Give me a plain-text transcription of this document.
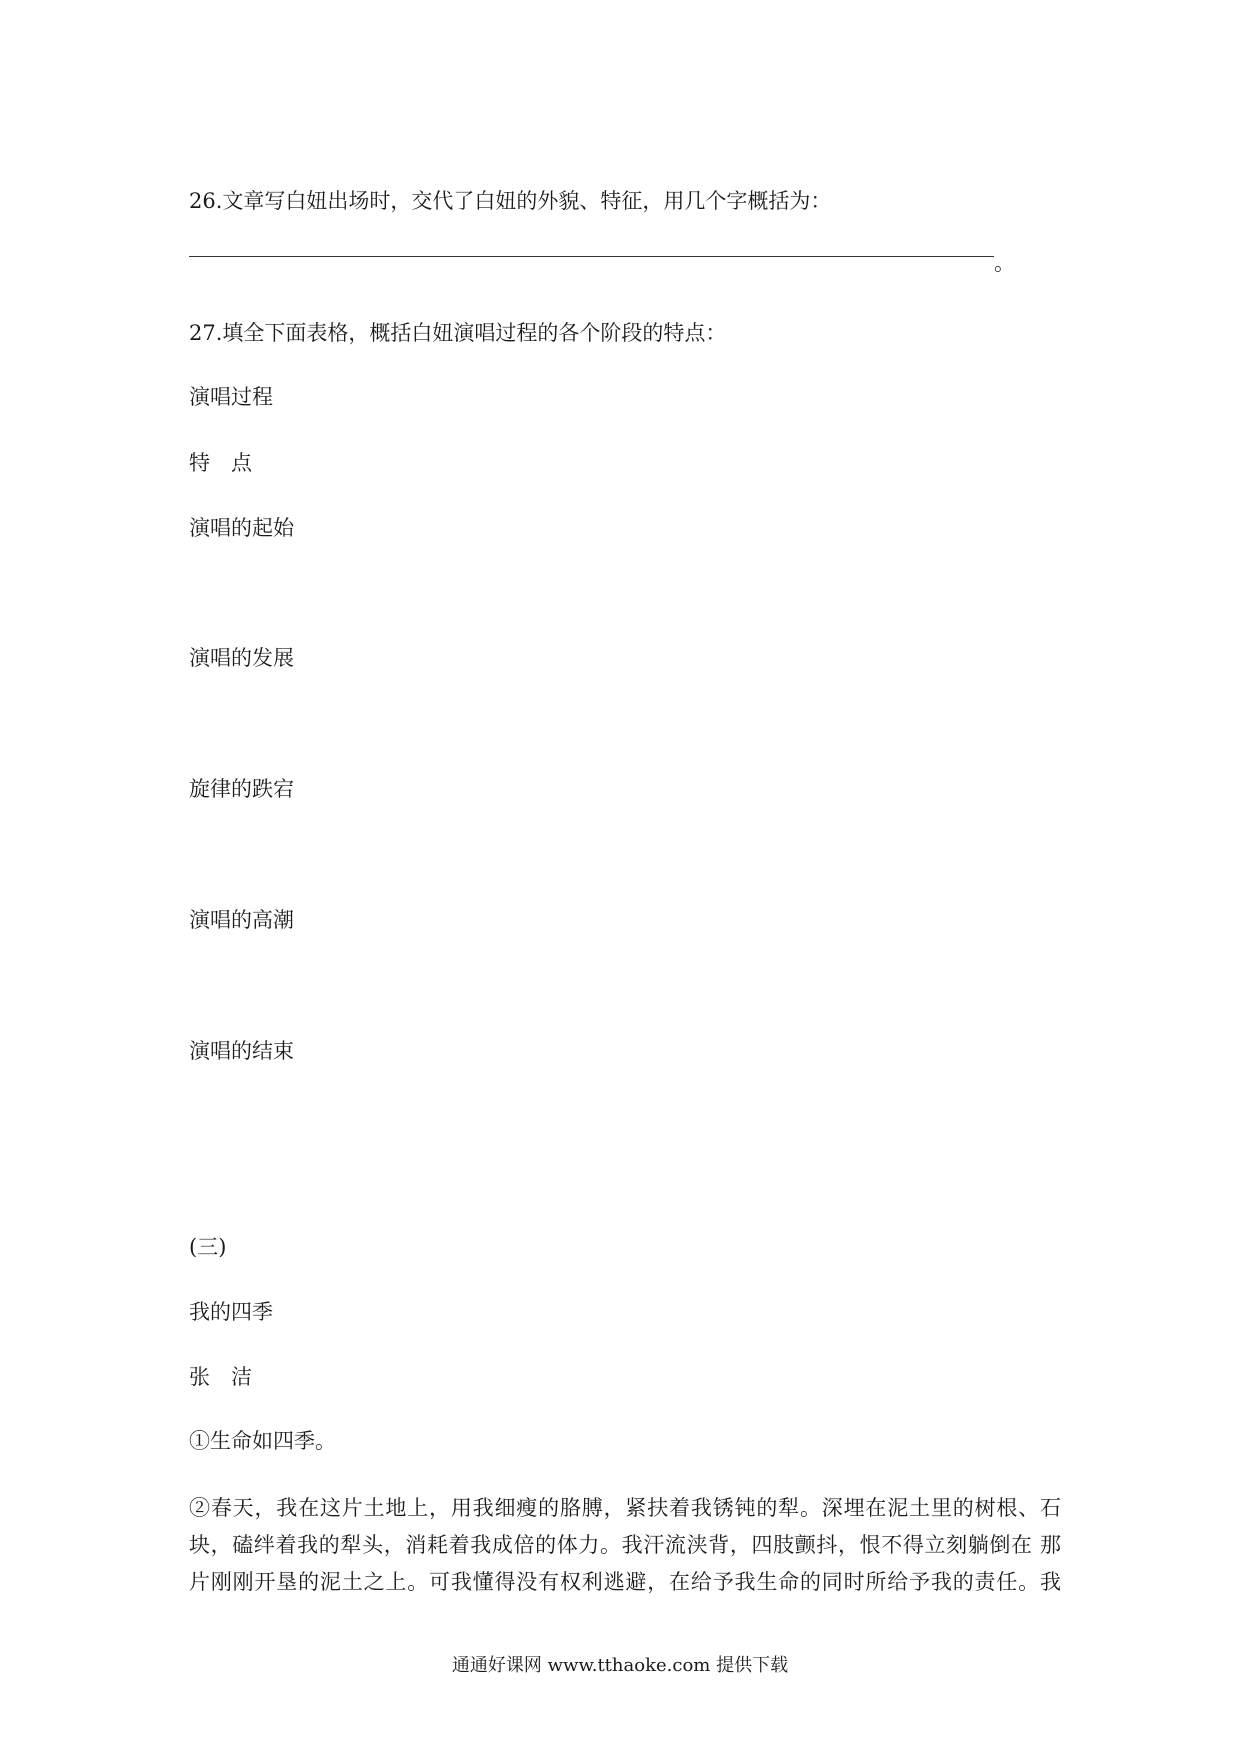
26.文章写白妞出场时，交代了白妞的外貌、特征，用几个字概括为：
。
27.填全下面表格，概括白妞演唱过程的各个阶段的特点：
演唱过程
特　点
演唱的起始
演唱的发展
旋律的跌宕
演唱的高潮
演唱的结束
(三)
我的四季
张　洁
①生命如四季。
②春天，我在这片土地上，用我细瘦的胳膊，紧扶着我锈钝的犁。深埋在泥土里的树根、石
块，磕绊着我的犁头，消耗着我成倍的体力。我汗流浃背，四肢颤抖，恨不得立刻躺倒在 那
片刚刚开垦的泥土之上。可我懂得没有权利逃避，在给予我生命的同时所给予我的责任。我
通通好课网 www.tthaoke.com 提供下载
